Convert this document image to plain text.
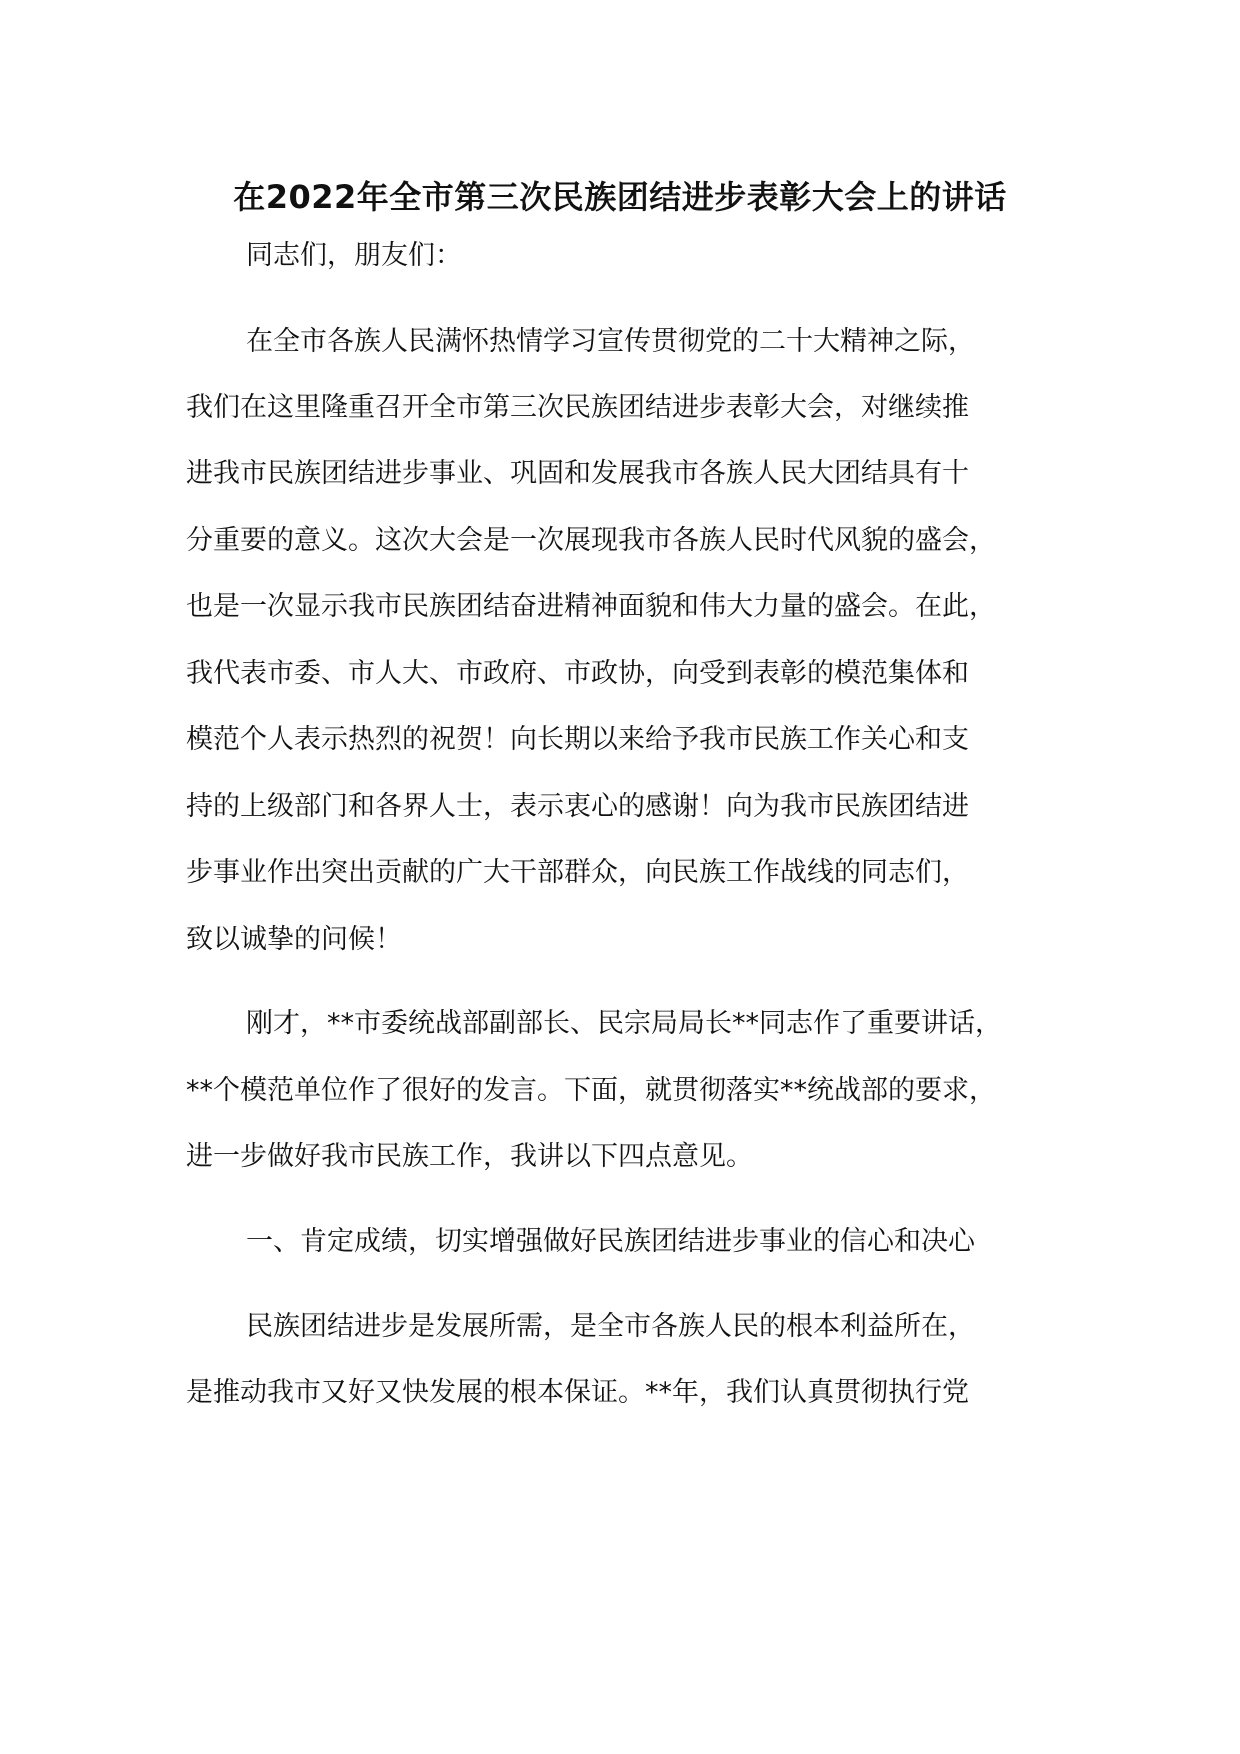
在2022年全市第三次民族团结进步表彰大会上的讲话
同志们，朋友们：
在全市各族人民满怀热情学习宣传贯彻党的二十大精神之际，
我们在这里隆重召开全市第三次民族团结进步表彰大会，对继续推
进我市民族团结进步事业、巩固和发展我市各族人民大团结具有十
分重要的意义。这次大会是一次展现我市各族人民时代风貌的盛会，
也是一次显示我市民族团结奋进精神面貌和伟大力量的盛会。在此，
我代表市委、市人大、市政府、市政协，向受到表彰的模范集体和
模范个人表示热烈的祝贺！向长期以来给予我市民族工作关心和支
持的上级部门和各界人士，表示衷心的感谢！向为我市民族团结进
步事业作出突出贡献的广大干部群众，向民族工作战线的同志们，
致以诚挚的问候！
刚才，**市委统战部副部长、民宗局局长**同志作了重要讲话，
**个模范单位作了很好的发言。下面，就贯彻落实**统战部的要求，
进一步做好我市民族工作，我讲以下四点意见。
一、肯定成绩，切实增强做好民族团结进步事业的信心和决心
民族团结进步是发展所需，是全市各族人民的根本利益所在，
是推动我市又好又快发展的根本保证。**年，我们认真贯彻执行党
